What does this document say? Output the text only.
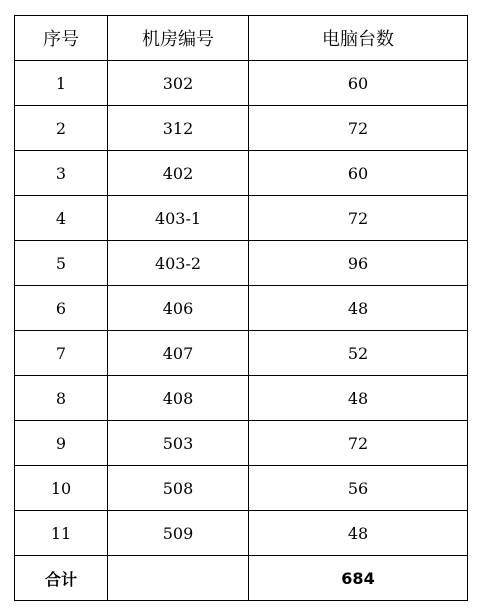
序号	机房编号	电脑台数
1	302	60
2	312	72
3	402	60
4	403-1	72
5	403-2	96
6	406	48
7	407	52
8	408	48
9	503	72
10	508	56
11	509	48
合计		684
